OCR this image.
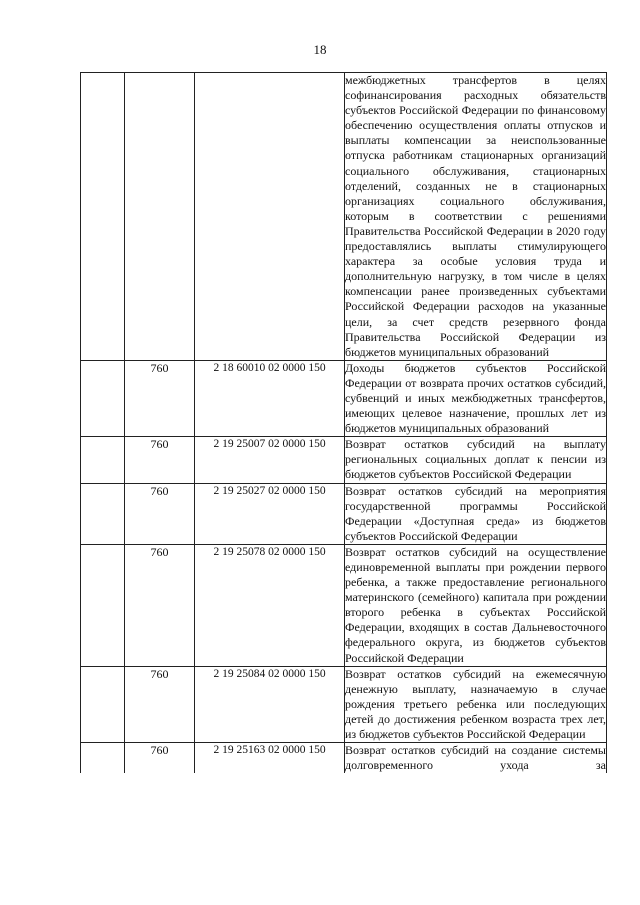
18
			межбюджетных трансфертов в целях софинансирования расходных обязательств субъектов Российской Федерации по финансовому обеспечению осуществления оплаты отпусков и выплаты компенсации за неиспользованные отпуска работникам стационарных организаций социального обслуживания, стационарных отделений, созданных не в стационарных организациях социального обслуживания, которым в соответствии с решениями Правительства Российской Федерации в 2020 году предоставлялись выплаты стимулирующего характера за особые условия труда и дополнительную нагрузку, в том числе в целях компенсации ранее произведенных субъектами Российской Федерации расходов на указанные цели, за счет средств резервного фонда Правительства Российской Федерации из бюджетов муниципальных образований
	760	2 18 60010 02 0000 150	Доходы бюджетов субъектов Российской Федерации от возврата прочих остатков субсидий, субвенций и иных межбюджетных трансфертов, имеющих целевое назначение, прошлых лет из бюджетов муниципальных образований
	760	2 19 25007 02 0000 150	Возврат остатков субсидий на выплату региональных социальных доплат к пенсии из бюджетов субъектов Российской Федерации
	760	2 19 25027 02 0000 150	Возврат остатков субсидий на мероприятия государственной программы Российской Федерации «Доступная среда» из бюджетов субъектов Российской Федерации
	760	2 19 25078 02 0000 150	Возврат остатков субсидий на осуществление единовременной выплаты при рождении первого ребенка, а также предоставление регионального материнского (семейного) капитала при рождении второго ребенка в субъектах Российской Федерации, входящих в состав Дальневосточного федерального округа, из бюджетов субъектов Российской Федерации
	760	2 19 25084 02 0000 150	Возврат остатков субсидий на ежемесячную денежную выплату, назначаемую в случае рождения третьего ребенка или последующих детей до достижения ребенком возраста трех лет, из бюджетов субъектов Российской Федерации
	760	2 19 25163 02 0000 150	Возврат остатков субсидий на создание системы долговременного ухода за
